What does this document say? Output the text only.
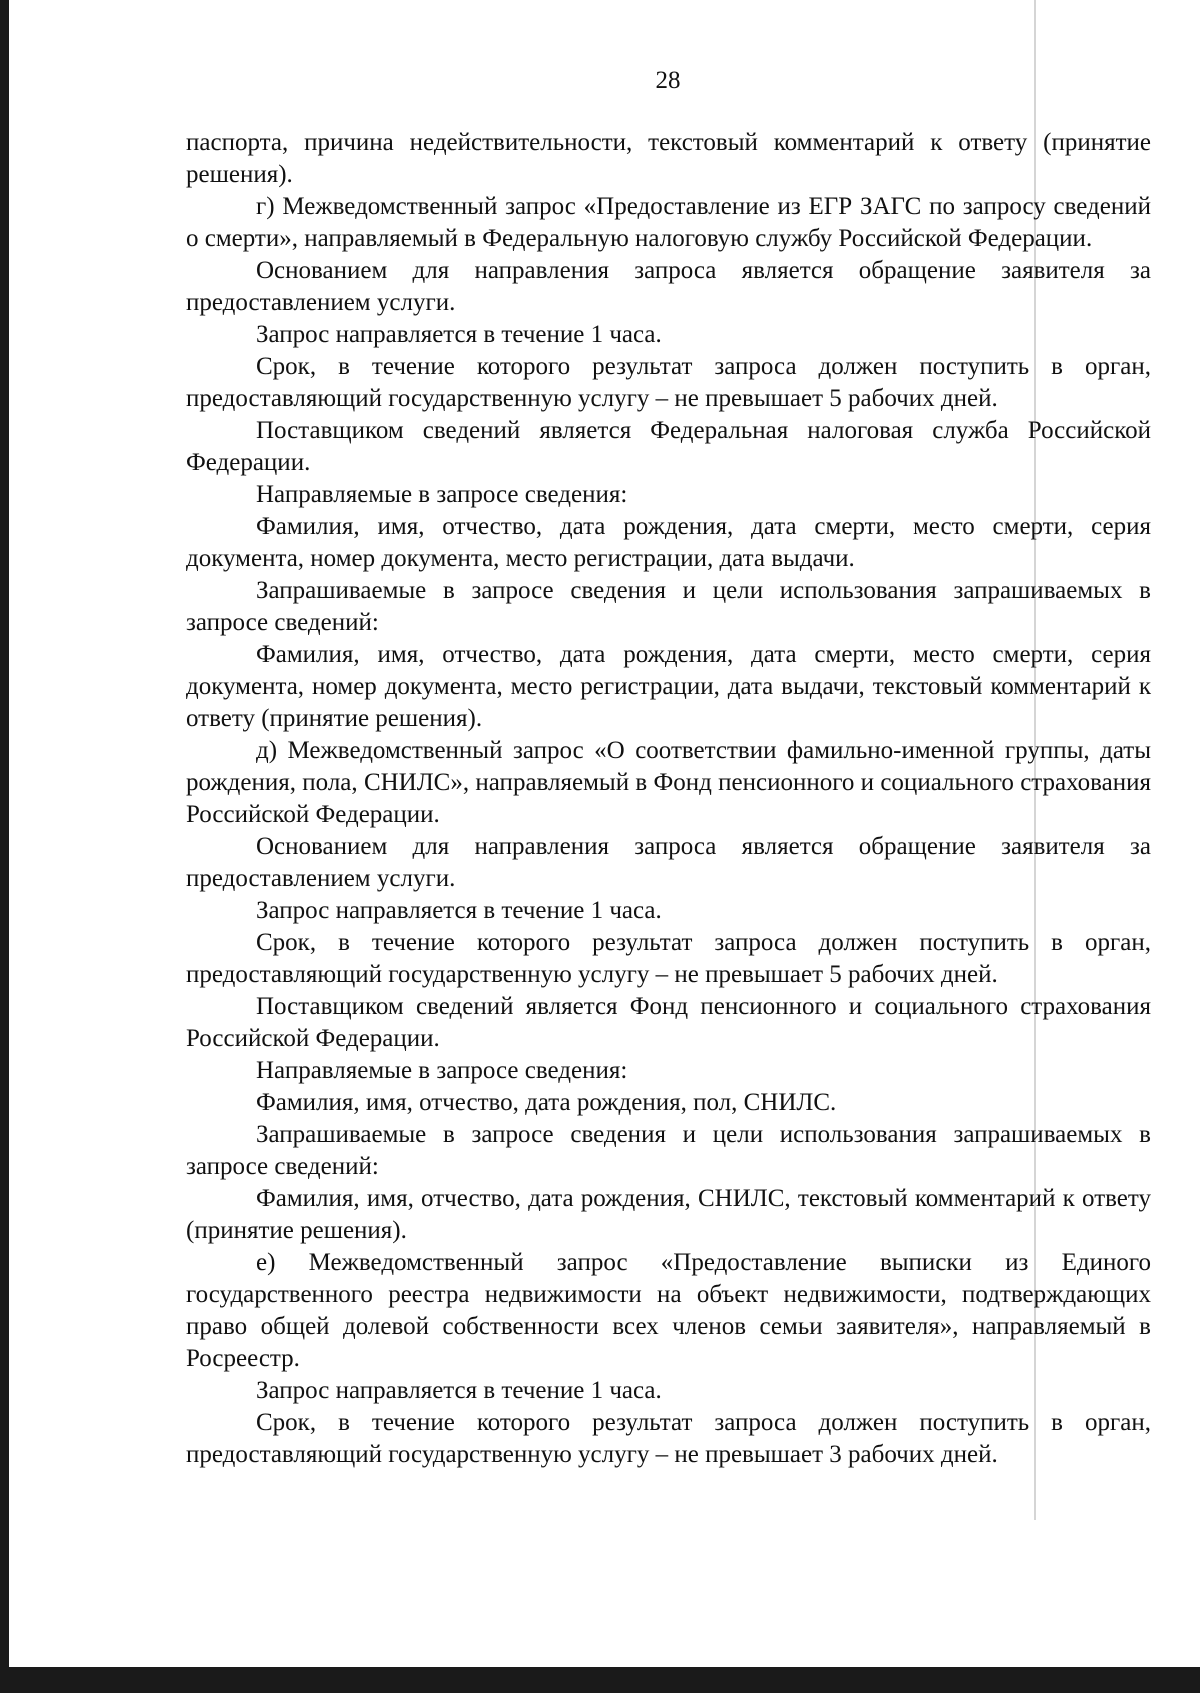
28

паспорта, причина недействительности, текстовый комментарий к ответу (принятие решения).

г) Межведомственный запрос «Предоставление из ЕГР ЗАГС по запросу сведений о смерти», направляемый в Федеральную налоговую службу Российской Федерации.

Основанием для направления запроса является обращение заявителя за предоставлением услуги.

Запрос направляется в течение 1 часа.

Срок, в течение которого результат запроса должен поступить в орган, предоставляющий государственную услугу – не превышает 5 рабочих дней.

Поставщиком сведений является Федеральная налоговая служба Российской Федерации.

Направляемые в запросе сведения:

Фамилия, имя, отчество, дата рождения, дата смерти, место смерти, серия документа, номер документа, место регистрации, дата выдачи.

Запрашиваемые в запросе сведения и цели использования запрашиваемых в запросе сведений:

Фамилия, имя, отчество, дата рождения, дата смерти, место смерти, серия документа, номер документа, место регистрации, дата выдачи, текстовый комментарий к ответу (принятие решения).

д) Межведомственный запрос «О соответствии фамильно-именной группы, даты рождения, пола, СНИЛС», направляемый в Фонд пенсионного и социального страхования Российской Федерации.

Основанием для направления запроса является обращение заявителя за предоставлением услуги.

Запрос направляется в течение 1 часа.

Срок, в течение которого результат запроса должен поступить в орган, предоставляющий государственную услугу – не превышает 5 рабочих дней.

Поставщиком сведений является Фонд пенсионного и социального страхования Российской Федерации.

Направляемые в запросе сведения:

Фамилия, имя, отчество, дата рождения, пол, СНИЛС.

Запрашиваемые в запросе сведения и цели использования запрашиваемых в запросе сведений:

Фамилия, имя, отчество, дата рождения, СНИЛС, текстовый комментарий к ответу (принятие решения).

е) Межведомственный запрос «Предоставление выписки из Единого государственного реестра недвижимости на объект недвижимости, подтверждающих право общей долевой собственности всех членов семьи заявителя», направляемый в Росреестр.

Запрос направляется в течение 1 часа.

Срок, в течение которого результат запроса должен поступить в орган, предоставляющий государственную услугу – не превышает 3 рабочих дней.
